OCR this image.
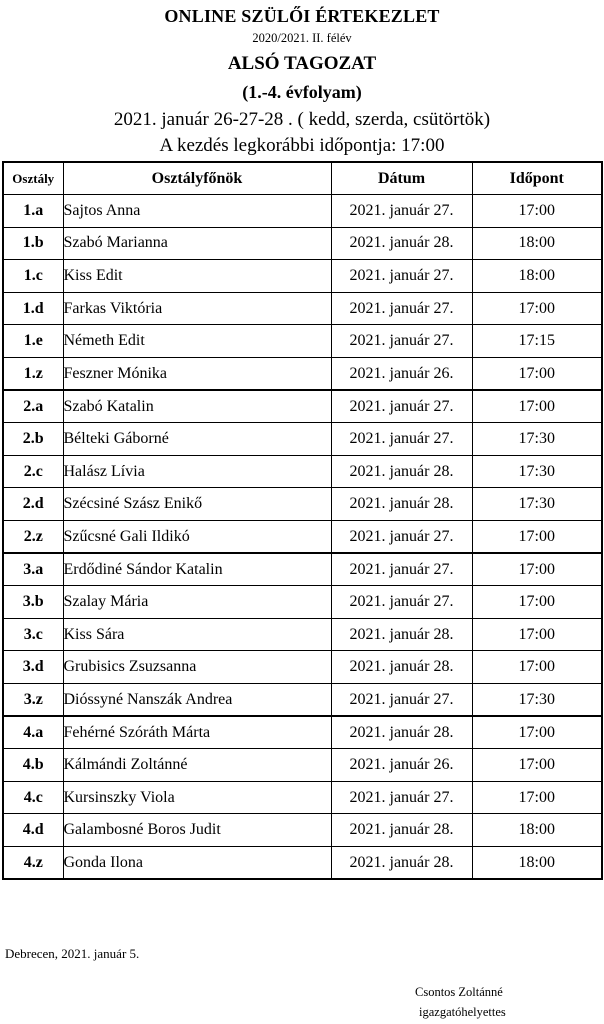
ONLINE SZÜLŐI ÉRTEKEZLET
2020/2021. II. félév
ALSÓ TAGOZAT
(1.-4. évfolyam)
2021. január 26-27-28 . ( kedd, szerda, csütörtök)
A kezdés legkorábbi időpontja: 17:00
Osztály	Osztályfőnök	Dátum	Időpont
1.a	Sajtos Anna	2021. január 27.	17:00
1.b	Szabó Marianna	2021. január 28.	18:00
1.c	Kiss Edit	2021. január 27.	18:00
1.d	Farkas Viktória	2021. január 27.	17:00
1.e	Németh Edit	2021. január 27.	17:15
1.z	Feszner Mónika	2021. január 26.	17:00
2.a	Szabó Katalin	2021. január 27.	17:00
2.b	Bélteki Gáborné	2021. január 27.	17:30
2.c	Halász Lívia	2021. január 28.	17:30
2.d	Szécsiné Szász Enikő	2021. január 28.	17:30
2.z	Szűcsné Gali Ildikó	2021. január 27.	17:00
3.a	Erdődiné Sándor Katalin	2021. január 27.	17:00
3.b	Szalay Mária	2021. január 27.	17:00
3.c	Kiss Sára	2021. január 28.	17:00
3.d	Grubisics Zsuzsanna	2021. január 28.	17:00
3.z	Dióssyné Nanszák Andrea	2021. január 27.	17:30
4.a	Fehérné Szóráth Márta	2021. január 28.	17:00
4.b	Kálmándi Zoltánné	2021. január 26.	17:00
4.c	Kursinszky Viola	2021. január 27.	17:00
4.d	Galambosné Boros Judit	2021. január 28.	18:00
4.z	Gonda Ilona	2021. január 28.	18:00
Debrecen, 2021. január 5.
Csontos Zoltánné
igazgatóhelyettes
